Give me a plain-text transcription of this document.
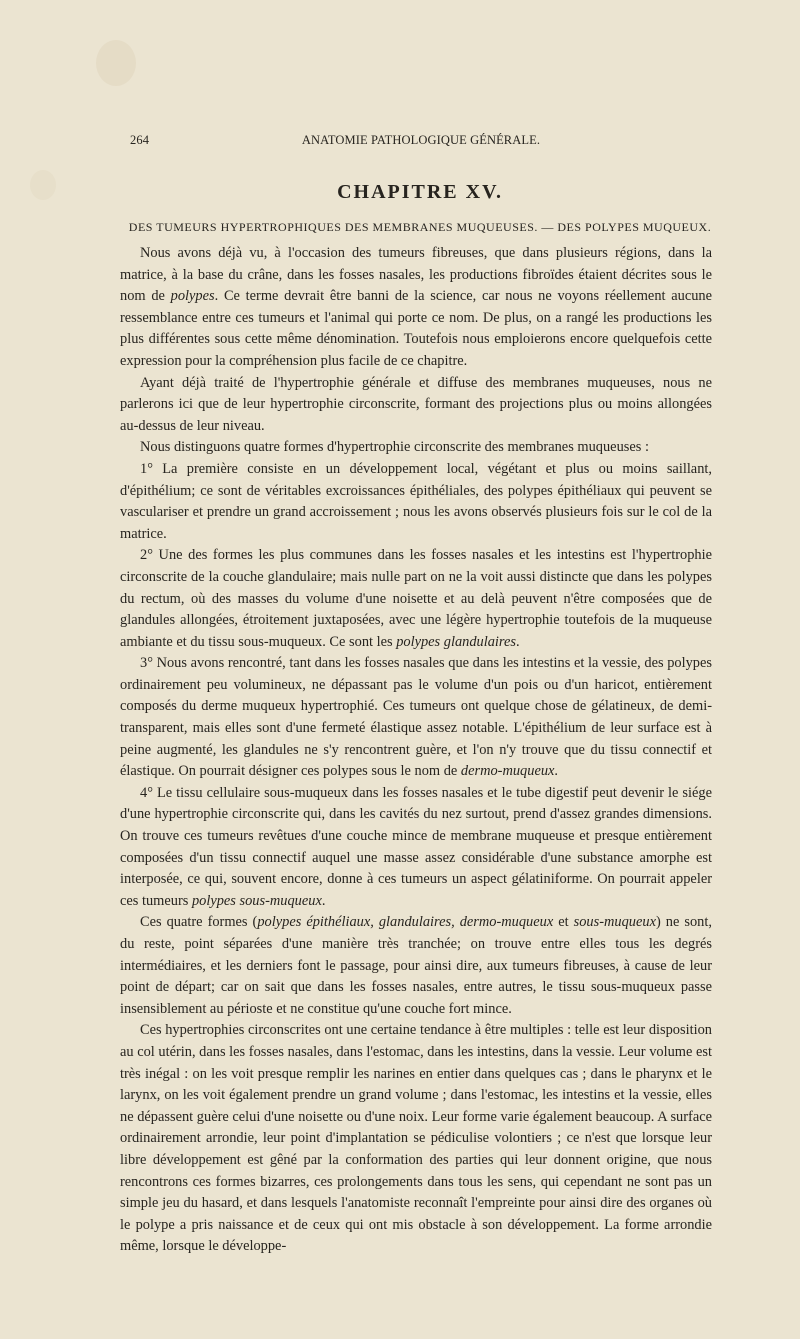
264	ANATOMIE PATHOLOGIQUE GÉNÉRALE.
CHAPITRE XV.
DES TUMEURS HYPERTROPHIQUES DES MEMBRANES MUQUEUSES. — DES POLYPES MUQUEUX.

Nous avons déjà vu, à l'occasion des tumeurs fibreuses, que dans plusieurs régions, dans la matrice, à la base du crâne, dans les fosses nasales, les productions fibroïdes étaient décrites sous le nom de polypes. Ce terme devrait être banni de la science, car nous ne voyons réellement aucune ressemblance entre ces tumeurs et l'animal qui porte ce nom. De plus, on a rangé les productions les plus différentes sous cette même dénomination. Toutefois nous emploierons encore quelquefois cette expression pour la compréhension plus facile de ce chapitre.

Ayant déjà traité de l'hypertrophie générale et diffuse des membranes muqueuses, nous ne parlerons ici que de leur hypertrophie circonscrite, formant des projections plus ou moins allongées au-dessus de leur niveau.

Nous distinguons quatre formes d'hypertrophie circonscrite des membranes muqueuses :

1° La première consiste en un développement local, végétant et plus ou moins saillant, d'épithélium; ce sont de véritables excroissances épithéliales, des polypes épithéliaux qui peuvent se vasculariser et prendre un grand accroissement ; nous les avons observés plusieurs fois sur le col de la matrice.

2° Une des formes les plus communes dans les fosses nasales et les intestins est l'hypertrophie circonscrite de la couche glandulaire; mais nulle part on ne la voit aussi distincte que dans les polypes du rectum, où des masses du volume d'une noisette et au delà peuvent n'être composées que de glandules allongées, étroitement juxtaposées, avec une légère hypertrophie toutefois de la muqueuse ambiante et du tissu sous-muqueux. Ce sont les polypes glandulaires.

3° Nous avons rencontré, tant dans les fosses nasales que dans les intestins et la vessie, des polypes ordinairement peu volumineux, ne dépassant pas le volume d'un pois ou d'un haricot, entièrement composés du derme muqueux hypertrophié. Ces tumeurs ont quelque chose de gélatineux, de demi-transparent, mais elles sont d'une fermeté élastique assez notable. L'épithélium de leur surface est à peine augmenté, les glandules ne s'y rencontrent guère, et l'on n'y trouve que du tissu connectif et élastique. On pourrait désigner ces polypes sous le nom de dermo-muqueux.

4° Le tissu cellulaire sous-muqueux dans les fosses nasales et le tube digestif peut devenir le siége d'une hypertrophie circonscrite qui, dans les cavités du nez surtout, prend d'assez grandes dimensions. On trouve ces tumeurs revêtues d'une couche mince de membrane muqueuse et presque entièrement composées d'un tissu connectif auquel une masse assez considérable d'une substance amorphe est interposée, ce qui, souvent encore, donne à ces tumeurs un aspect gélatiniforme. On pourrait appeler ces tumeurs polypes sous-muqueux.

Ces quatre formes (polypes épithéliaux, glandulaires, dermo-muqueux et sous-muqueux) ne sont, du reste, point séparées d'une manière très tranchée; on trouve entre elles tous les degrés intermédiaires, et les derniers font le passage, pour ainsi dire, aux tumeurs fibreuses, à cause de leur point de départ; car on sait que dans les fosses nasales, entre autres, le tissu sous-muqueux passe insensiblement au périoste et ne constitue qu'une couche fort mince.

Ces hypertrophies circonscrites ont une certaine tendance à être multiples : telle est leur disposition au col utérin, dans les fosses nasales, dans l'estomac, dans les intestins, dans la vessie. Leur volume est très inégal : on les voit presque remplir les narines en entier dans quelques cas ; dans le pharynx et le larynx, on les voit également prendre un grand volume ; dans l'estomac, les intestins et la vessie, elles ne dépassent guère celui d'une noisette ou d'une noix. Leur forme varie également beaucoup. A surface ordinairement arrondie, leur point d'implantation se pédiculise volontiers ; ce n'est que lorsque leur libre développement est gêné par la conformation des parties qui leur donnent origine, que nous rencontrons ces formes bizarres, ces prolongements dans tous les sens, qui cependant ne sont pas un simple jeu du hasard, et dans lesquels l'anatomiste reconnaît l'empreinte pour ainsi dire des organes où le polype a pris naissance et de ceux qui ont mis obstacle à son développement. La forme arrondie même, lorsque le développe-
